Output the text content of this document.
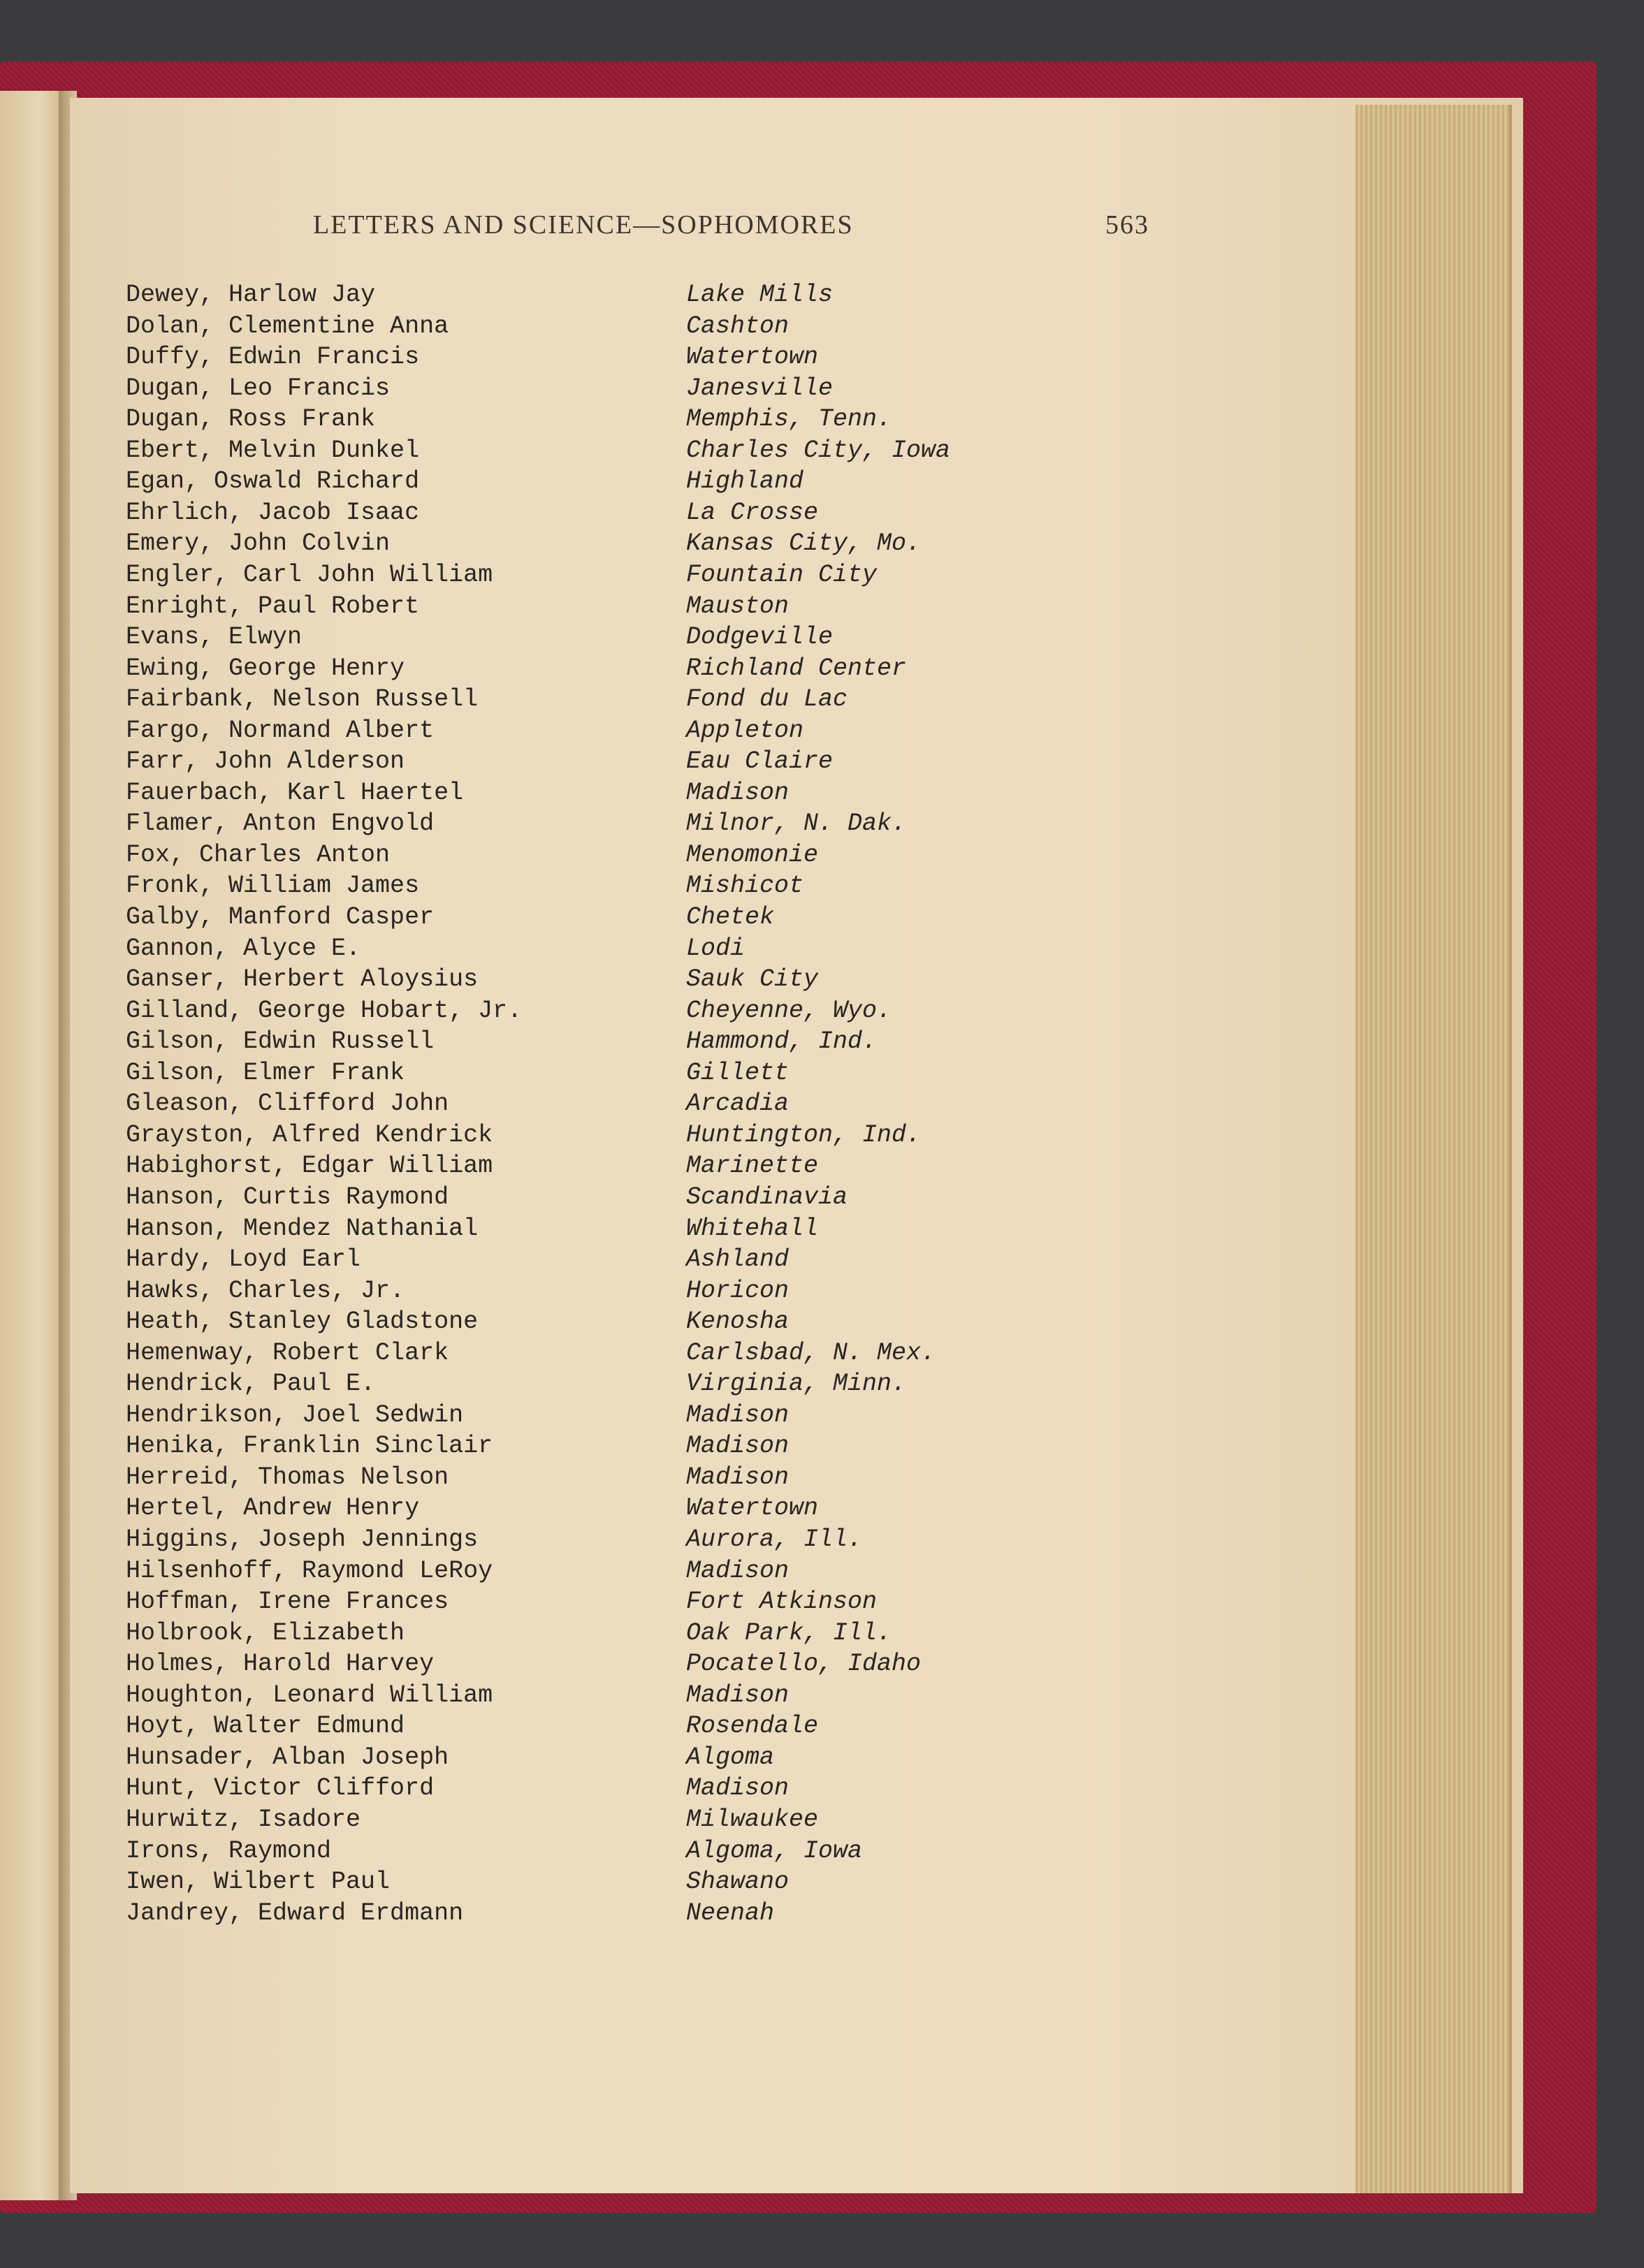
LETTERS AND SCIENCE—SOPHOMORES	563
Dewey, Harlow Jay	Lake Mills
Dolan, Clementine Anna	Cashton
Duffy, Edwin Francis	Watertown
Dugan, Leo Francis	Janesville
Dugan, Ross Frank	Memphis, Tenn.
Ebert, Melvin Dunkel	Charles City, Iowa
Egan, Oswald Richard	Highland
Ehrlich, Jacob Isaac	La Crosse
Emery, John Colvin	Kansas City, Mo.
Engler, Carl John William	Fountain City
Enright, Paul Robert	Mauston
Evans, Elwyn	Dodgeville
Ewing, George Henry	Richland Center
Fairbank, Nelson Russell	Fond du Lac
Fargo, Normand Albert	Appleton
Farr, John Alderson	Eau Claire
Fauerbach, Karl Haertel	Madison
Flamer, Anton Engvold	Milnor, N. Dak.
Fox, Charles Anton	Menomonie
Fronk, William James	Mishicot
Galby, Manford Casper	Chetek
Gannon, Alyce E.	Lodi
Ganser, Herbert Aloysius	Sauk City
Gilland, George Hobart, Jr.	Cheyenne, Wyo.
Gilson, Edwin Russell	Hammond, Ind.
Gilson, Elmer Frank	Gillett
Gleason, Clifford John	Arcadia
Grayston, Alfred Kendrick	Huntington, Ind.
Habighorst, Edgar William	Marinette
Hanson, Curtis Raymond	Scandinavia
Hanson, Mendez Nathanial	Whitehall
Hardy, Loyd Earl	Ashland
Hawks, Charles, Jr.	Horicon
Heath, Stanley Gladstone	Kenosha
Hemenway, Robert Clark	Carlsbad, N. Mex.
Hendrick, Paul E.	Virginia, Minn.
Hendrikson, Joel Sedwin	Madison
Henika, Franklin Sinclair	Madison
Herreid, Thomas Nelson	Madison
Hertel, Andrew Henry	Watertown
Higgins, Joseph Jennings	Aurora, Ill.
Hilsenhoff, Raymond LeRoy	Madison
Hoffman, Irene Frances	Fort Atkinson
Holbrook, Elizabeth	Oak Park, Ill.
Holmes, Harold Harvey	Pocatello, Idaho
Houghton, Leonard William	Madison
Hoyt, Walter Edmund	Rosendale
Hunsader, Alban Joseph	Algoma
Hunt, Victor Clifford	Madison
Hurwitz, Isadore	Milwaukee
Irons, Raymond	Algoma, Iowa
Iwen, Wilbert Paul	Shawano
Jandrey, Edward Erdmann	Neenah
